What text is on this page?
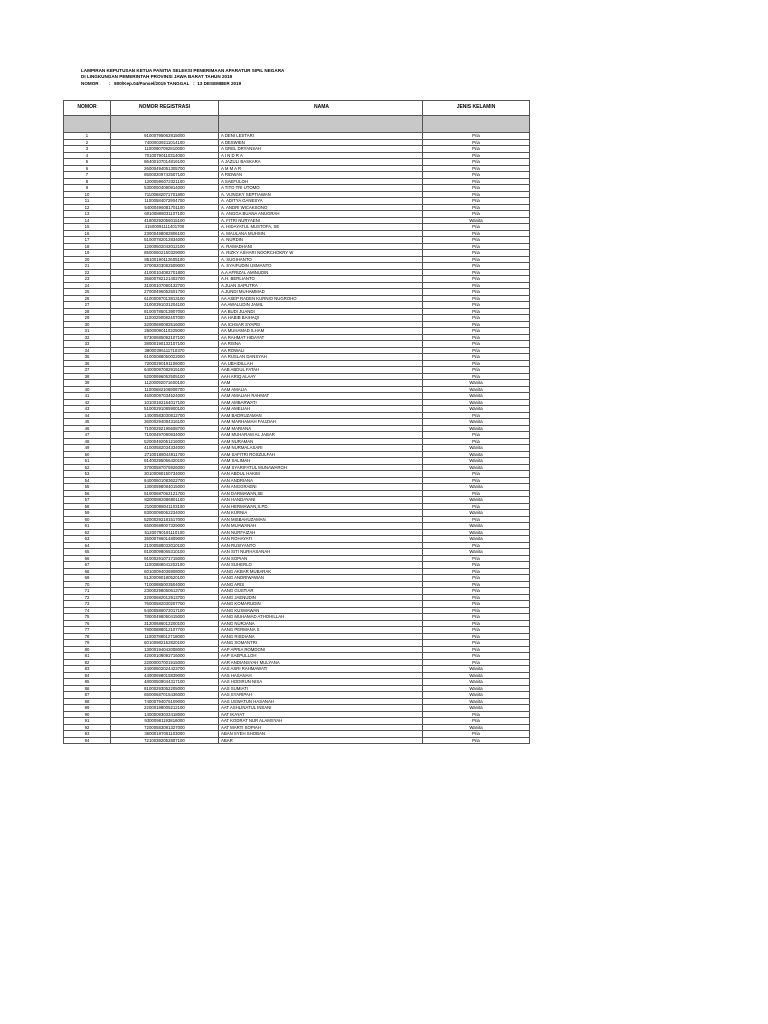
LAMPIRAN KEPUTUSAN KETUA PANITIA SELEKSI PENERIMAAN APARATUR SIPIL NEGARA
DI LINGKUNGAN PEMERINTAH PROVINSI JAWA BARAT TAHUN 2019
NOMOR :   800/Kep.04/Pansel/2019 TANGGAL   :  13 DESEMBER 2019
NOMOR	NOMOR REGISTRASI	NAMA	JENIS KELAMIN

1	91000795062815000	A DENI LESTARI	Pria
2	74000039211014100	A DESWIEN	Pria
3	11000907092810000	A GREL DRYANSAH	Pria
4	70100790110314000	A I N D R A	Pria
5	86400107014816100	A JAZULI BASKARA	Pria
6	26000494051305700	A M M A R	Pria
7	85000209742507100	A RIDWAN	Pria
8	12000596072321100	A SAEFULOH	Pria
9	53000504080814000	A TITO TRI UTOMO	Pria
10	71100682071701800	A. VIJNGKY SEPTIAWAN	Pria
11	11000584072904700	A. ADITYA GANESYA	Pria
12	54000496081701100	A. ANDRI WICAKSONO	Pria
13	60100888031107100	A. ANGGA BUANA ANUGRAH	Pria
14	41800292056015100	A. FITRI NURYAENI	Wanita
15	41500091111401700	A. HIDAYATUL MUSTOFA, SE	Pria
16	23000498082806100	A. MAULANA MUHSIN	Pria
17	51000782012834000	A. NURDIN	Pria
18	12000502042012100	A. RAMADHANI	Pria
19	85000602150329000	A. RIZKY ASHARI NOORCHOKRY W	Pria
20	85100190112605100	A. SUGIHANTO	Pria
21	37000203082509000	A. SYAIFUDIN USMANTO	Pria
22	41000104082701800	A.A AFRIZAL AMINUDIN	Pria
23	35600782121402700	A.H. BERLIANTO	Pria
24	31000107080132700	A.JUAN SAPUTRA	Pria
25	27000496052501700	A.JUNDI MUHAMMAD	Pria
26	61000097013813100	AA ASEP RADEN KURNIO NUGROHO	Pria
27	21000391031204100	AA AWALUDIN JAMIL	Pria
28	81000785013907000	AA BUDI JUANDI	Pria
29	11000290082407000	AA HABIB BAIHAQI	Pria
30	32000690082516000	AA ICHSAR SYAPEI	Pria
31	26000090110325000	AA MUHAMAD ILHAM	Pria
32	87300685092107100	AA RAHMAT HIDAYAT	Pria
33	38000190132107100	AA RISNA	Pria
34	38000395111710370	AA ROWALI	Pria
35	61000088050022000	AA RUSLAN DANSYAH	Pria
36	72000290191106000	AA UBAIDILLAH	Pria
37	64000097082915100	AAB ABDUL FATAH	Pria
38	52000696052505100	AAH ARIQ ALAAY	Pria
39	11200092071600100	AAM	Wanita
40	11000682106908700	AAM AMALIA	Wanita
41	46000097034524000	AAM AMALIAH RAHMAT	Wanita
42	10100192164017100	AAM AMBARWATI	Wanita
43	51000291085900100	AAM AMELIAH	Wanita
44	14000583030812700	AAM BADRUZAMAN	Pria
45	36000294084316100	AAM MARHAMAH FAUZIAH	Wanita
46	71000292195608700	AAM MARIANA	Wanita
47	71000497080834000	AAM MUHARAM AL JABAR	Pria
48	52000492051216000	AAM NURAMAN	Pria
49	41000582034334000	AAM NURMALASARI	Wanita
50	27100188044911700	AAM SAFITRI ROSZULFAH	Wanita
51	81400295066420100	AAM SALIMAH	Wanita
52	37000587075926000	AAM SYARIFATUL MUNAWAROH	Wanita
53	30100090150734000	AAN ABDUL HAKIM	Pria
54	64000601083622700	AAN ANDRIANA	Pria
55	13000598084015000	AAN ANGGRAENI	Wanita
56	51000687062121700	AAN DARMAWAN,SE	Pria
57	82000882086801100	AAN HANDAYANI	Wanita
58	21000098041103100	AAN HERMAWAN,S.PD.	Pria
59	83000090062234000	AAN KURNIA	Wanita
60	52000292181517000	AAN MISBAHUZAMAN	Pria
61	65000698007329000	AAN MUAWANAH	Wanita
62	51200790191110100	AAN NURFAIZAH	Wanita
63	35000786014809000	AAN ROHAYATI	Wanita
64	21000588032010100	AAN RUSIYANTO	Pria
65	81000098065310100	AAN SITI NURHASANAH	Wanita
66	91000291071715000	AAN SOPIAN	Pria
67	11000888041202100	AAN SUHERLO	Pria
68	60100094036908000	AANG AKBAR MUBARAK	Pria
69	51200090180520100	AANG ANDRIWAWAN	Pria
70	71000885003504000	AANG ARIS	Pria
71	23000298050613700	AANG GUSTIAR	Pria
72	22000682012913700	AANG JAENUDIN	Pria
73	76000582030207700	AANG KOMARUDIN	Pria
74	54000586072017100	AANG KUSMAWAN	Pria
75	78000498050415000	AANG MUHAMAD ATHOHILLAH	Pria
76	31200686012200100	AANG NURJANA	Pria
77	78000888012107700	AANG PERMANA S	Pria
78	11000788012718000	AANG RISDIANA	Pria
79	60100982152820100	AANG SOMANTRI	Pria
80	13000194042008000	AAP APRIA ROMDONI	Pria
81	42000109092716000	AAP SAEPULLOH	Pria
82	22000007001915000	AAR ANDIANSYAH MULYANA	Pria
83	24000502024423700	AAS ASRI RAHMAWATI	Wanita
84	44000698015839000	AAS HASANAH	Wanita
85	48000509044317100	AAS HODIRUN NISA	Wanita
86	81000293052205000	AAS SUMIATI	Wanita
87	65000687015436000	AAS SYARIPAH	Wanita
88	74000794075109000	AAS USWATUN HASANAH	Wanita
89	22000198005212100	AAT ASHLINATUL INSANI	Wanita
90	14000093032418000	AAT IKAYAT	Pria
91	93000981193816000	AAT KODRAT NUR ALAMSYAH	Pria
92	72000583081327000	AAT MARTI SOPIAH	Wanita
93	36000197051103000	ABAN SYEH SHOBAN	Pria
94	72100392052807100	ABAR	Pria
